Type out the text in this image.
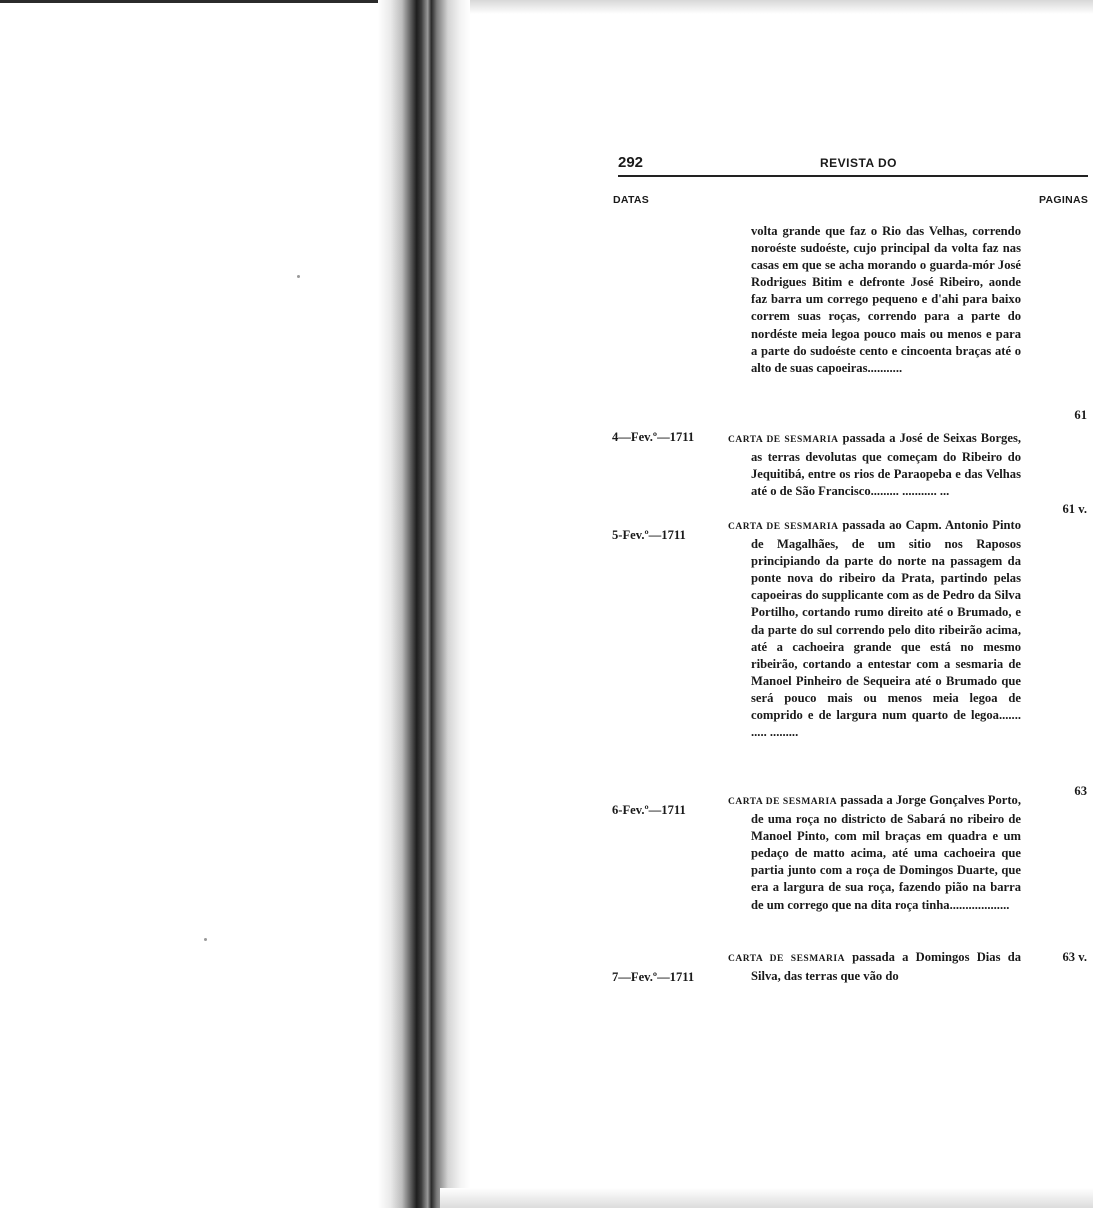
292	REVISTA DO
DATAS	PAGINAS
4—Fev.º—1711
5-Fev.º—1711
6-Fev.º—1711
7—Fev.º—1711
61
61 v.
63
63 v.

volta grande que faz o Rio das Velhas, correndo noroéste sudoéste, cujo principal da volta faz nas casas em que se acha morando o guarda-mór José Rodrigues Bitim e defronte José Ribeiro, aonde faz barra um corrego pequeno e d'ahi para baixo correm suas roças, correndo para a parte do nordéste meia legoa pouco mais ou menos e para a parte do sudoéste cento e cincoenta braças até o alto de suas capoeiras...........

CARTA DE SESMARIA passada a José de Seixas Borges, as terras devolutas que começam do Ribeiro do Jequitibá, entre os rios de Paraopeba e das Velhas até o de São Francisco......... ........... ...

CARTA DE SESMARIA passada ao Capm. Antonio Pinto de Magalhães, de um sitio nos Raposos principiando da parte do norte na passagem da ponte nova do ribeiro da Prata, partindo pelas capoeiras do supplicante com as de Pedro da Silva Portilho, cortando rumo direito até o Brumado, e da parte do sul correndo pelo dito ribeirão acima, até a cachoeira grande que está no mesmo ribeirão, cortando a entestar com a sesmaria de Manoel Pinheiro de Sequeira até o Brumado que será pouco mais ou menos meia legoa de comprido e de largura num quarto de legoa....... ..... .........

CARTA DE SESMARIA passada a Jorge Gonçalves Porto, de uma roça no districto de Sabará no ribeiro de Manoel Pinto, com mil braças em quadra e um pedaço de matto acima, até uma cachoeira que partia junto com a roça de Domingos Duarte, que era a largura de sua roça, fazendo pião na barra de um corrego que na dita roça tinha...................

CARTA DE SESMARIA passada a Domingos Dias da Silva, das terras que vão do
